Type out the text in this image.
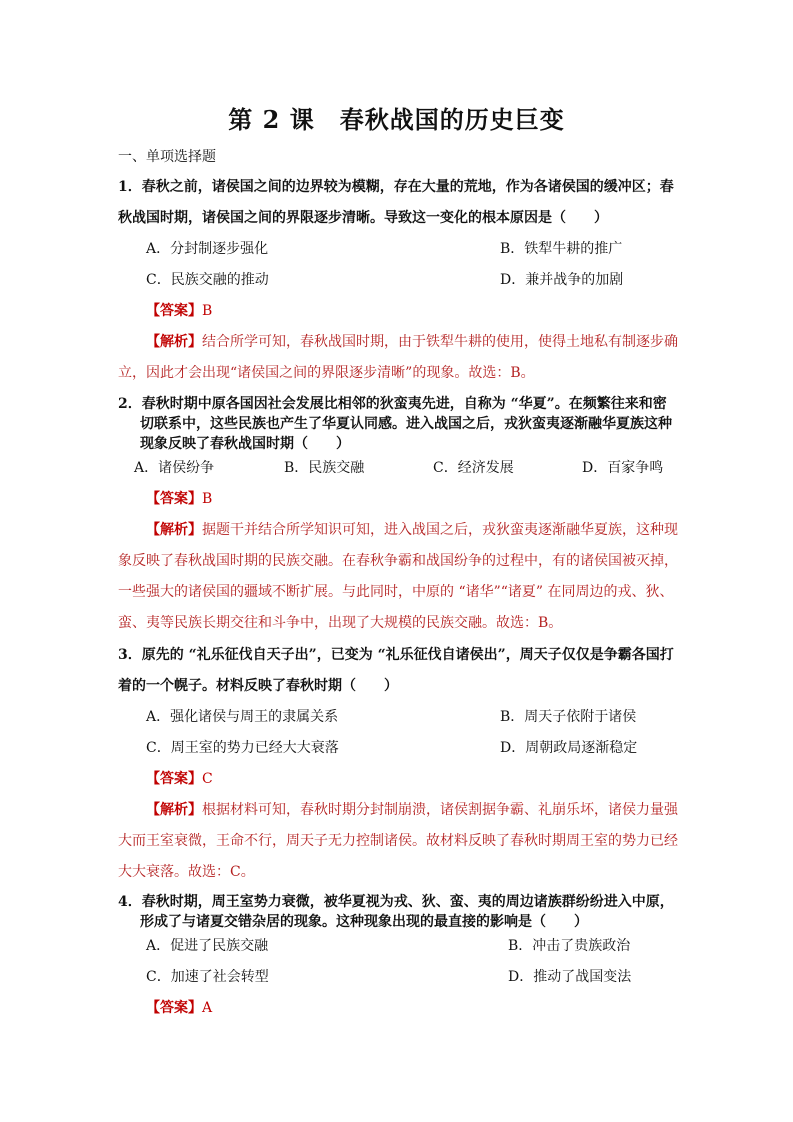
第 2 课　春秋战国的历史巨变
一、单项选择题
1．春秋之前，诸侯国之间的边界较为模糊，存在大量的荒地，作为各诸侯国的缓冲区；春
秋战国时期，诸侯国之间的界限逐步清晰。导致这一变化的根本原因是（　　）
A．分封制逐步强化	B．铁犁牛耕的推广
C．民族交融的推动	D．兼并战争的加剧
【答案】B
【解析】结合所学可知，春秋战国时期，由于铁犁牛耕的使用，使得土地私有制逐步确
立，因此才会出现“诸侯国之间的界限逐步清晰”的现象。故选：B。
2．春秋时期中原各国因社会发展比相邻的狄蛮夷先进，自称为 “华夏”。在频繁往来和密
切联系中，这些民族也产生了华夏认同感。进入战国之后，戎狄蛮夷逐渐融华夏族这种
现象反映了春秋战国时期（　　）
A．诸侯纷争	B．民族交融	C．经济发展	D．百家争鸣
【答案】B
【解析】据题干并结合所学知识可知，进入战国之后，戎狄蛮夷逐渐融华夏族，这种现
象反映了春秋战国时期的民族交融。在春秋争霸和战国纷争的过程中，有的诸侯国被灭掉，
一些强大的诸侯国的疆域不断扩展。与此同时，中原的 “诸华”“诸夏” 在同周边的戎、狄、
蛮、夷等民族长期交往和斗争中，出现了大规模的民族交融。故选：B。
3．原先的 “礼乐征伐自天子出”，已变为 “礼乐征伐自诸侯出”，周天子仅仅是争霸各国打
着的一个幌子。材料反映了春秋时期（　　）
A．强化诸侯与周王的隶属关系	B．周天子依附于诸侯
C．周王室的势力已经大大衰落	D．周朝政局逐渐稳定
【答案】C
【解析】根据材料可知，春秋时期分封制崩溃，诸侯割据争霸、礼崩乐坏，诸侯力量强
大而王室衰微，王命不行，周天子无力控制诸侯。故材料反映了春秋时期周王室的势力已经
大大衰落。故选：C。
4．春秋时期，周王室势力衰微，被华夏视为戎、狄、蛮、夷的周边诸族群纷纷进入中原，
形成了与诸夏交错杂居的现象。这种现象出现的最直接的影响是（　　）
A．促进了民族交融	B．冲击了贵族政治
C．加速了社会转型	D．推动了战国变法
【答案】A
